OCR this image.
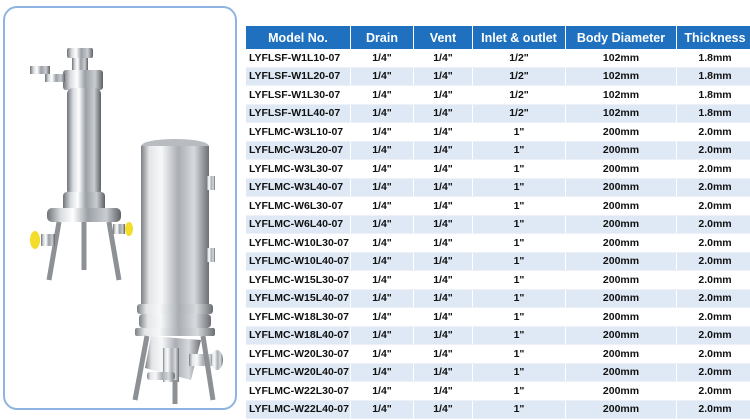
Model No.	Drain	Vent	Inlet & outlet	Body Diameter	Thickness
LYFLSF-W1L10-07	1/4"	1/4"	1/2"	102mm	1.8mm
LYFLSF-W1L20-07	1/4"	1/4"	1/2"	102mm	1.8mm
LYFLSF-W1L30-07	1/4"	1/4"	1/2"	102mm	1.8mm
LYFLSF-W1L40-07	1/4"	1/4"	1/2"	102mm	1.8mm
LYFLMC-W3L10-07	1/4"	1/4"	1"	200mm	2.0mm
LYFLMC-W3L20-07	1/4"	1/4"	1"	200mm	2.0mm
LYFLMC-W3L30-07	1/4"	1/4"	1"	200mm	2.0mm
LYFLMC-W3L40-07	1/4"	1/4"	1"	200mm	2.0mm
LYFLMC-W6L30-07	1/4"	1/4"	1"	200mm	2.0mm
LYFLMC-W6L40-07	1/4"	1/4"	1"	200mm	2.0mm
LYFLMC-W10L30-07	1/4"	1/4"	1"	200mm	2.0mm
LYFLMC-W10L40-07	1/4"	1/4"	1"	200mm	2.0mm
LYFLMC-W15L30-07	1/4"	1/4"	1"	200mm	2.0mm
LYFLMC-W15L40-07	1/4"	1/4"	1"	200mm	2.0mm
LYFLMC-W18L30-07	1/4"	1/4"	1"	200mm	2.0mm
LYFLMC-W18L40-07	1/4"	1/4"	1"	200mm	2.0mm
LYFLMC-W20L30-07	1/4"	1/4"	1"	200mm	2.0mm
LYFLMC-W20L40-07	1/4"	1/4"	1"	200mm	2.0mm
LYFLMC-W22L30-07	1/4"	1/4"	1"	200mm	2.0mm
LYFLMC-W22L40-07	1/4"	1/4"	1"	200mm	2.0mm
